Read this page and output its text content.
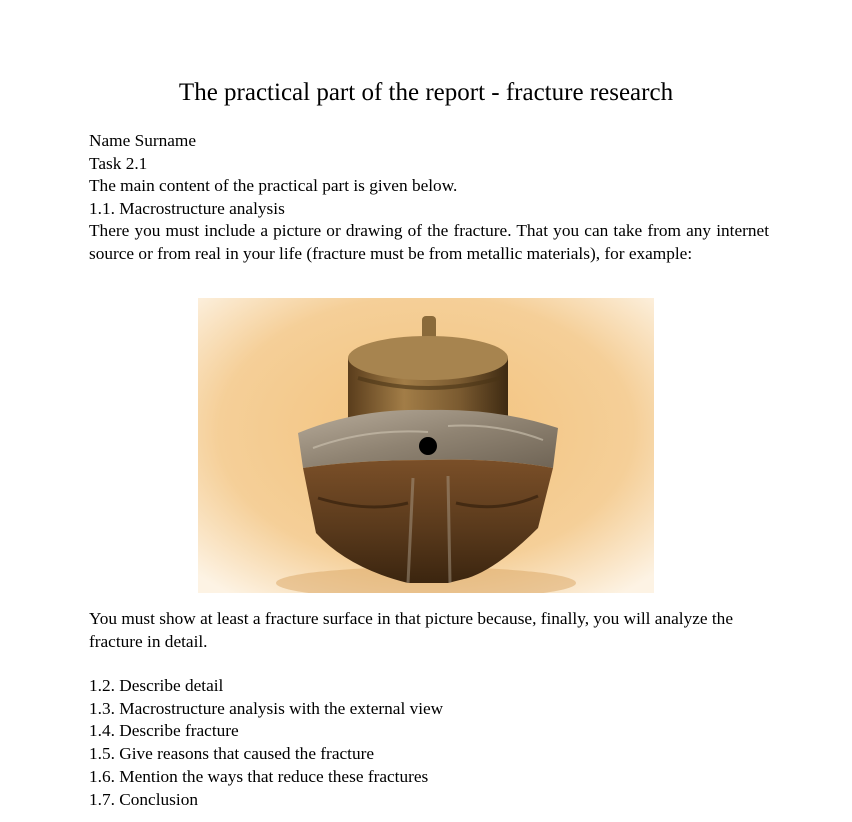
The practical part of the report - fracture research
Name Surname
Task 2.1
The main content of the practical part is given below.
1.1. Macrostructure analysis
There you must include a picture or drawing of the fracture. That you can take from any internet source or from real in your life (fracture must be from metallic materials), for example:
You must show at least a fracture surface in that picture because, finally, you will analyze the fracture in detail.
1.2. Describe detail
1.3. Macrostructure analysis with the external view
1.4. Describe fracture
1.5. Give reasons that caused the fracture
1.6. Mention the ways that reduce these fractures
1.7. Conclusion
